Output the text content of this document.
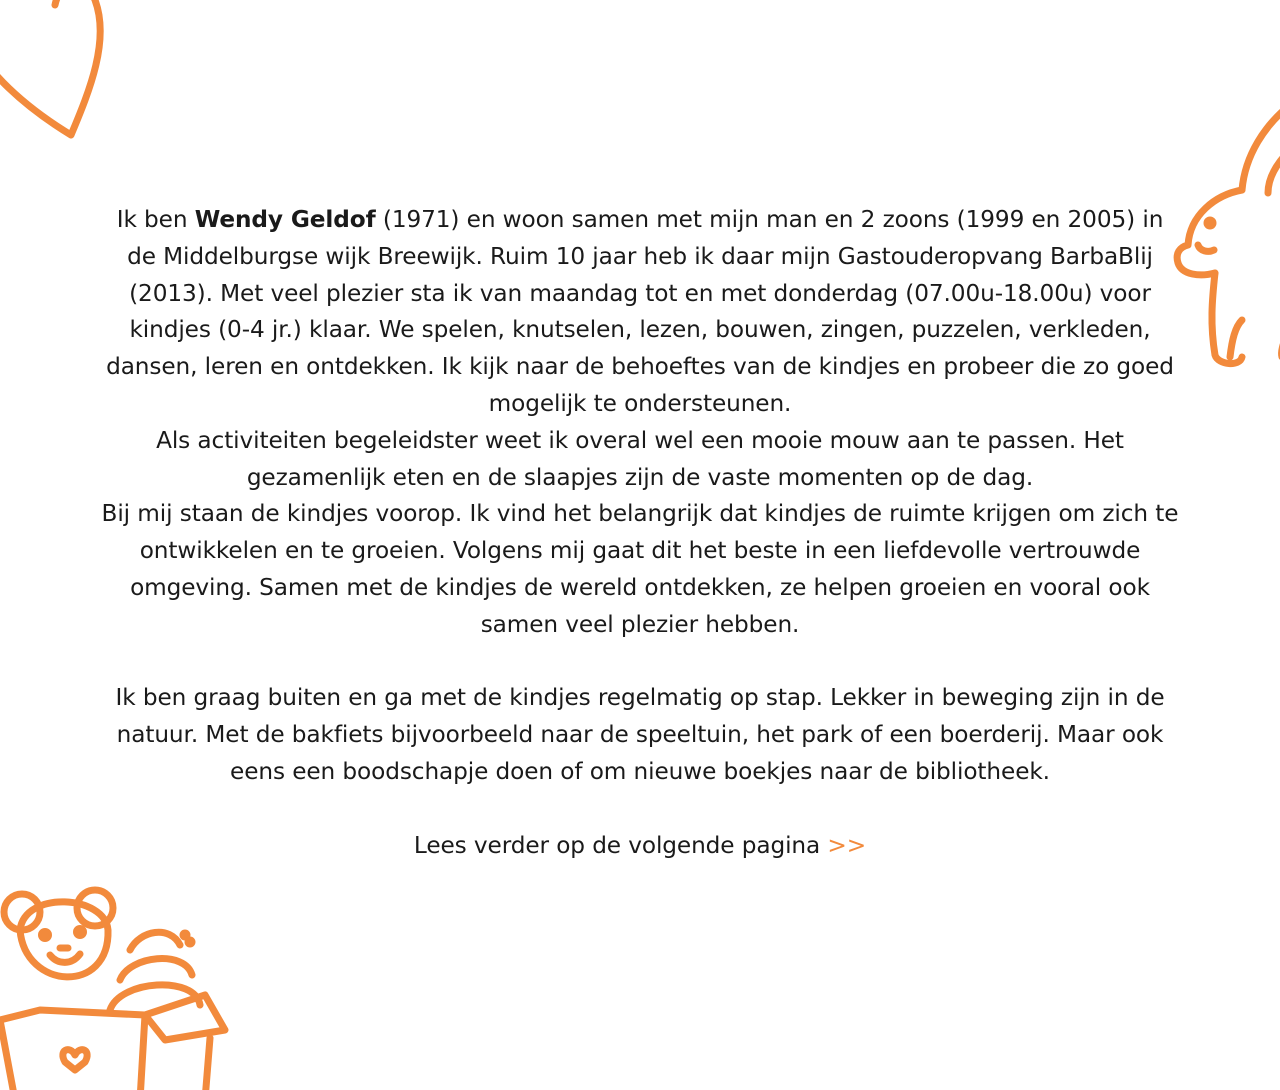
Ik ben Wendy Geldof (1971) en woon samen met mijn man en 2 zoons (1999 en 2005) in de Middelburgse wijk Breewijk. Ruim 10 jaar heb ik daar mijn Gastouderopvang BarbaBlij (2013). Met veel plezier sta ik van maandag tot en met donderdag (07.00u-18.00u) voor kindjes (0-4 jr.) klaar. We spelen, knutselen, lezen, bouwen, zingen, puzzelen, verkleden, dansen, leren en ontdekken. Ik kijk naar de behoeftes van de kindjes en probeer die zo goed mogelijk te ondersteunen.

Als activiteiten begeleidster weet ik overal wel een mooie mouw aan te passen. Het gezamenlijk eten en de slaapjes zijn de vaste momenten op de dag.

Bij mij staan de kindjes voorop. Ik vind het belangrijk dat kindjes de ruimte krijgen om zich te ontwikkelen en te groeien. Volgens mij gaat dit het beste in een liefdevolle vertrouwde omgeving. Samen met de kindjes de wereld ontdekken, ze helpen groeien en vooral ook samen veel plezier hebben.

Ik ben graag buiten en ga met de kindjes regelmatig op stap. Lekker in beweging zijn in de natuur. Met de bakfiets bijvoorbeeld naar de speeltuin, het park of een boerderij. Maar ook eens een boodschapje doen of om nieuwe boekjes naar de bibliotheek.

Lees verder op de volgende pagina >>
